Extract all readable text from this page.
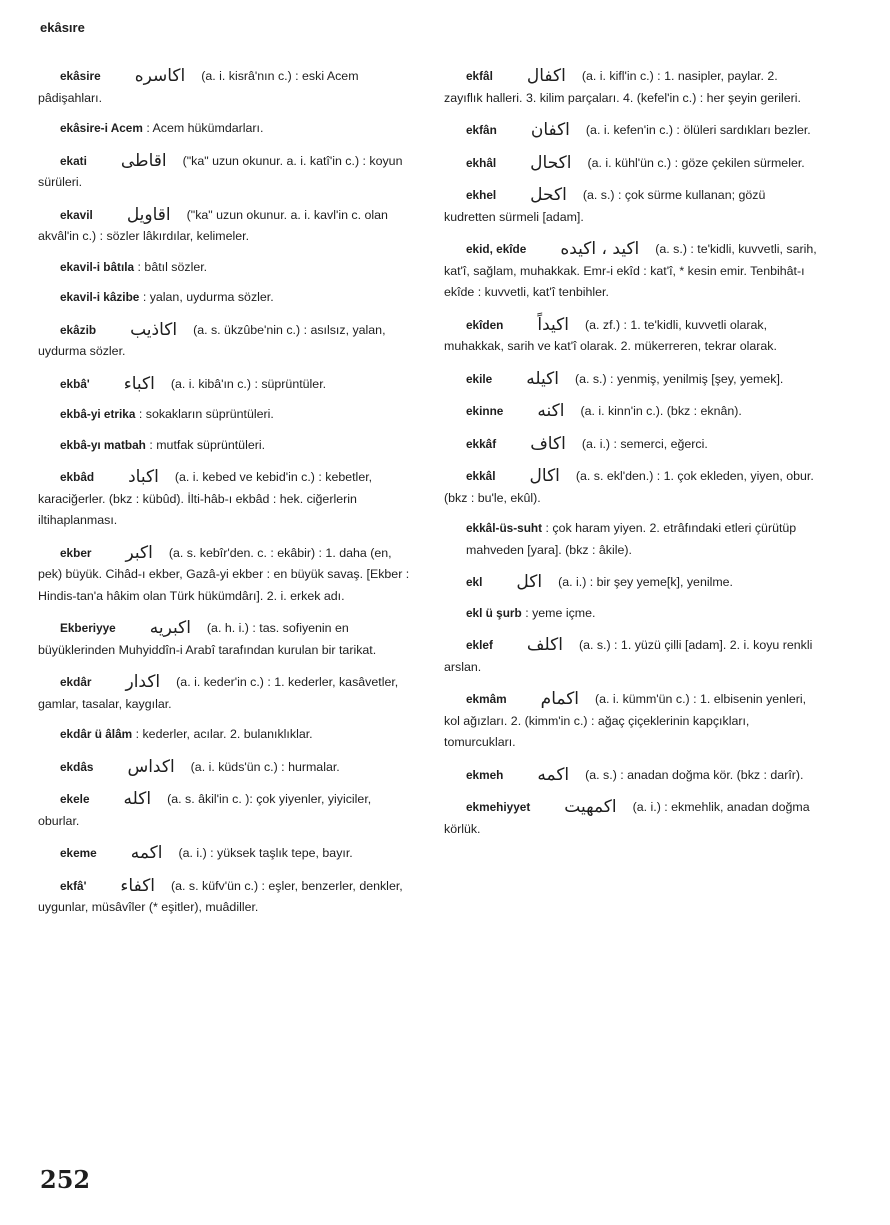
ekâsıre
ekâsire اكاسره (a. i. kisrâ'nın c.) : eski Acem pâdişahları.
ekâsire-i Acem : Acem hükümdarları.
ekati اقاطى ("ka" uzun okunur. a. i. katî'in c.) : koyun sürüleri.
ekavil اقاويل ("ka" uzun okunur. a. i. kavl'in c. olan akvâl'in c.) : sözler lâkırdılar, kelimeler.
ekavil-i bâtıla : bâtıl sözler.
ekavil-i kâzibe : yalan, uydurma sözler.
ekâzib اكاذيب (a. s. ükzûbe'nin c.) : asılsız, yalan, uydurma sözler.
ekbâ' اكباء (a. i. kibâ'ın c.) : süprüntüler.
ekbâ-yi etrika : sokakların süprüntüleri.
ekbâ-yı matbah : mutfak süprüntüleri.
ekbâd اكباد (a. i. kebed ve kebid'in c.) : kebetler, karaciğerler. (bkz : kübûd). İlti-hâb-ı ekbâd : hek. ciğerlerin iltihaplanması.
ekber اكبر (a. s. kebîr'den. c. : ekâbir) : 1. daha (en, pek) büyük. Cihâd-ı ekber, Gazâ-yi ekber : en büyük savaş. [Ekber : Hindis-tan'a hâkim olan Türk hükümdârı]. 2. i. erkek adı.
Ekberiyye اكبريه (a. h. i.) : tas. sofiyenin en büyüklerinden Muhyiddîn-i Arabî tarafından kurulan bir tarikat.
ekdâr اكدار (a. i. keder'in c.) : 1. kederler, kasâvetler, gamlar, tasalar, kaygılar.
ekdâr ü âlâm : kederler, acılar. 2. bulanıklıklar.
ekdâs اكداس (a. i. küds'ün c.) : hurmalar.
ekele اكله (a. s. âkil'in c. ): çok yiyenler, yiyiciler, oburlar.
ekeme اكمه (a. i.) : yüksek taşlık tepe, bayır.
ekfâ' اكفاء (a. s. küfv'ün c.) : eşler, benzerler, denkler, uygunlar, müsâvîler (* eşitler), muâdiller.
ekfâl اكفال (a. i. kifl'in c.) : 1. nasipler, paylar. 2. zayıflık halleri. 3. kilim parçaları. 4. (kefel'in c.) : her şeyin gerileri.
ekfân اكفان (a. i. kefen'in c.) : ölüleri sardıkları bezler.
ekhâl اكحال (a. i. kühl'ün c.) : göze çekilen sürmeler.
ekhel اكحل (a. s.) : çok sürme kullanan; gözü kudretten sürmeli [adam].
ekid, ekîde اكيد ، اكيده (a. s.) : te'kidli, kuvvetli, sarih, kat'î, sağlam, muhakkak. Emr-i ekîd : kat'î, * kesin emir. Tenbihât-ı ekîde : kuvvetli, kat'î tenbihler.
ekîden اكيداً (a. zf.) : 1. te'kidli, kuvvetli olarak, muhakkak, sarih ve kat'î olarak. 2. mükerreren, tekrar olarak.
ekile اكيله (a. s.) : yenmiş, yenilmiş [şey, yemek].
ekinne اكنه (a. i. kinn'in c.). (bkz : eknân).
ekkâf اكاف (a. i.) : semerci, eğerci.
ekkâl اكال (a. s. ekl'den.) : 1. çok ekleden, yiyen, obur. (bkz : bu'le, ekûl).
ekkâl-üs-suht : çok haram yiyen. 2. etrâfındaki etleri çürütüp mahveden [yara]. (bkz : âkile).
ekl اكل (a. i.) : bir şey yeme[k], yenilme.
ekl ü şurb : yeme içme.
eklef اكلف (a. s.) : 1. yüzü çilli [adam]. 2. i. koyu renkli arslan.
ekmâm اكمام (a. i. kümm'ün c.) : 1. elbisenin yenleri, kol ağızları. 2. (kimm'in c.) : ağaç çiçeklerinin kapçıkları, tomurcukları.
ekmeh اكمه (a. s.) : anadan doğma kör. (bkz : darîr).
ekmehiyyet اكمهيت (a. i.) : ekmehlik, anadan doğma körlük.
252
